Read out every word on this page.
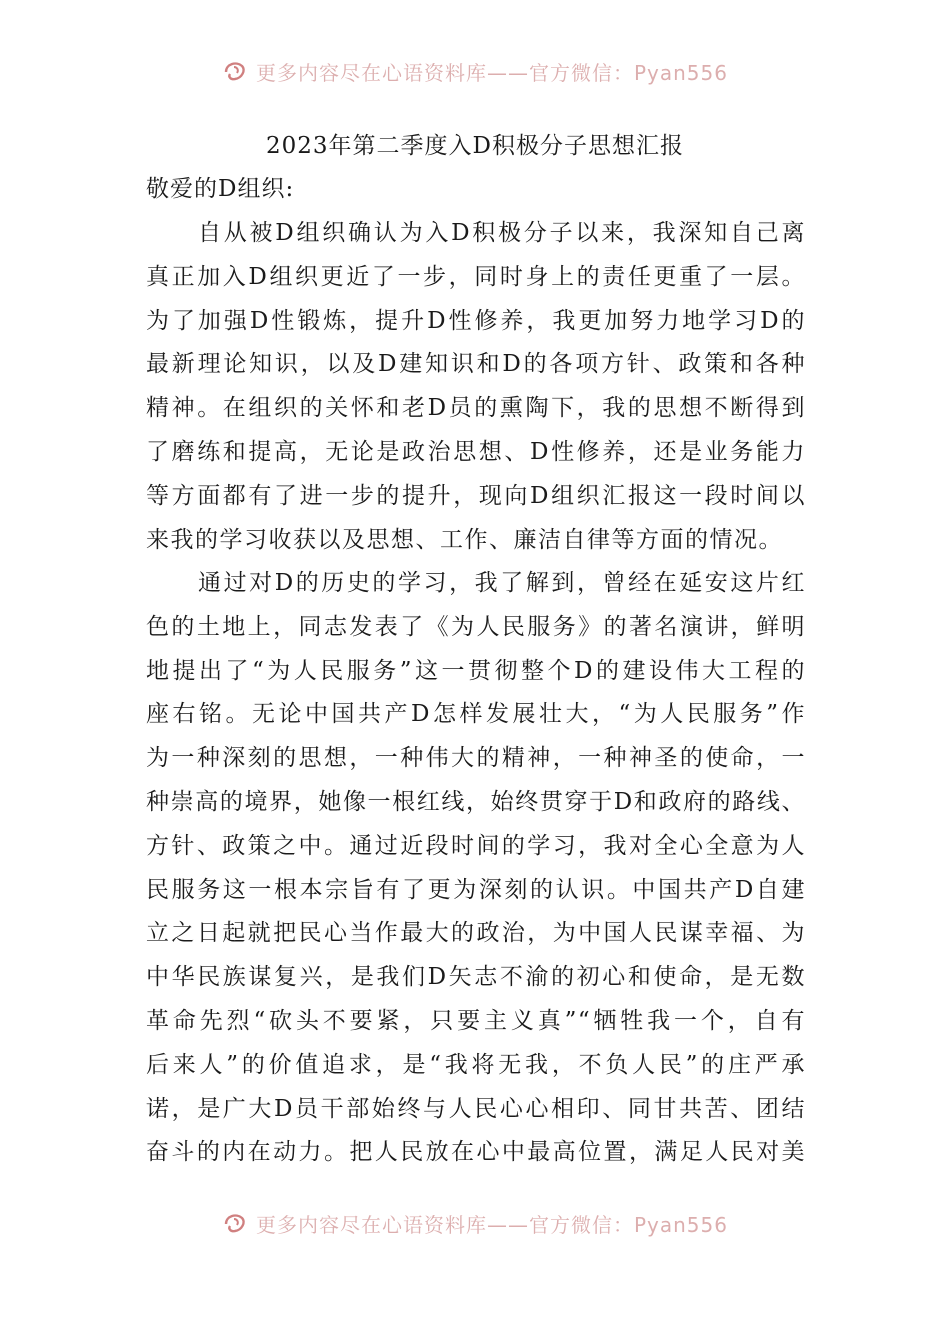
更多内容尽在心语资料库——官方微信：Pyan556
2023年第二季度入D积极分子思想汇报
敬爱的D组织:
自从被D组织确认为入D积极分子以来，我深知自己离
真正加入D组织更近了一步，同时身上的责任更重了一层。
为了加强D性锻炼，提升D性修养，我更加努力地学习D的
最新理论知识，以及D建知识和D的各项方针、政策和各种
精神。在组织的关怀和老D员的熏陶下，我的思想不断得到
了磨练和提高，无论是政治思想、D性修养，还是业务能力
等方面都有了进一步的提升，现向D组织汇报这一段时间以
来我的学习收获以及思想、工作、廉洁自律等方面的情况。
通过对D的历史的学习，我了解到，曾经在延安这片红
色的土地上，同志发表了《为人民服务》的著名演讲，鲜明
地提出了“为人民服务”这一贯彻整个D的建设伟大工程的
座右铭。无论中国共产D怎样发展壮大，“为人民服务”作
为一种深刻的思想，一种伟大的精神，一种神圣的使命，一
种崇高的境界，她像一根红线，始终贯穿于D和政府的路线、
方针、政策之中。通过近段时间的学习，我对全心全意为人
民服务这一根本宗旨有了更为深刻的认识。中国共产D自建
立之日起就把民心当作最大的政治，为中国人民谋幸福、为
中华民族谋复兴，是我们D矢志不渝的初心和使命，是无数
革命先烈“砍头不要紧，只要主义真”“牺牲我一个，自有
后来人”的价值追求，是“我将无我，不负人民”的庄严承
诺，是广大D员干部始终与人民心心相印、同甘共苦、团结
奋斗的内在动力。把人民放在心中最高位置，满足人民对美
更多内容尽在心语资料库——官方微信：Pyan556
